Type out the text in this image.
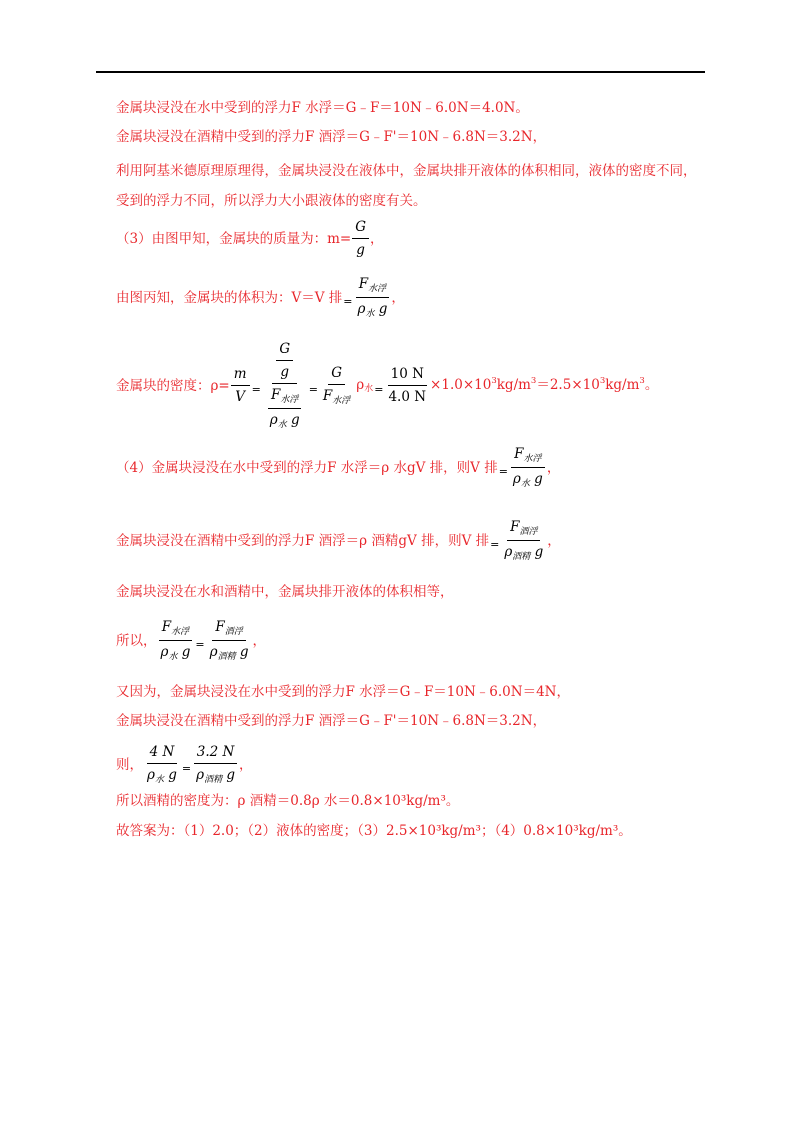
金属块浸没在水中受到的浮力F 水浮＝G﹣F＝10N﹣6.0N＝4.0N。
金属块浸没在酒精中受到的浮力F 酒浮＝G﹣F'＝10N﹣6.8N＝3.2N，
利用阿基米德原理原理得，金属块浸没在液体中，金属块排开液体的体积相同，液体的密度不同，受到的浮力不同，所以浮力大小跟液体的密度有关。
（3）由图甲知，金属块的质量为：$m= \frac{G}{g}$ ，
由图丙知，金属块的体积为：V＝V 排 = $\frac{F_{水浮}}{\rho_水 g}$ ，
金属块的密度：$\rho= \frac{m}{V} = \frac{\frac{G}{g}}{\frac{F_{水浮}}{\rho_水 g}} = \frac{G}{F_{水浮}}$ ρ水 = $\frac{10 N}{4.0 N} \times 1.0\times 10^3kg/m^3=2.5\times 10^3kg/m^3$。
（4）金属块浸没在水中受到的浮力F 水浮＝ρ 水gV 排，则V 排 = $\frac{F_{水浮}}{\rho_水 g}$ ，
金属块浸没在酒精中受到的浮力F 酒浮＝ρ 酒精gV 排，则V 排 = $\frac{F_{酒浮}}{\rho_{酒精} g}$ ，
金属块浸没在水和酒精中，金属块排开液体的体积相等，
所以， $\frac{F_{水浮}}{\rho_水 g} = \frac{F_{酒浮}}{\rho_{酒精} g}$ ，
又因为，金属块浸没在水中受到的浮力F 水浮＝G﹣F＝10N﹣6.0N＝4N，
金属块浸没在酒精中受到的浮力F 酒浮＝G﹣F'＝10N﹣6.8N＝3.2N，
则， $\frac{4 N}{\rho_水 g} = \frac{3.2 N}{\rho_{酒精} g}$ ，
所以酒精的密度为：ρ 酒精＝0.8ρ 水＝0.8×10³kg/m³。
故答案为：（1）2.0；（2）液体的密度；（3）2.5×10³kg/m³；（4）0.8×10³kg/m³。
